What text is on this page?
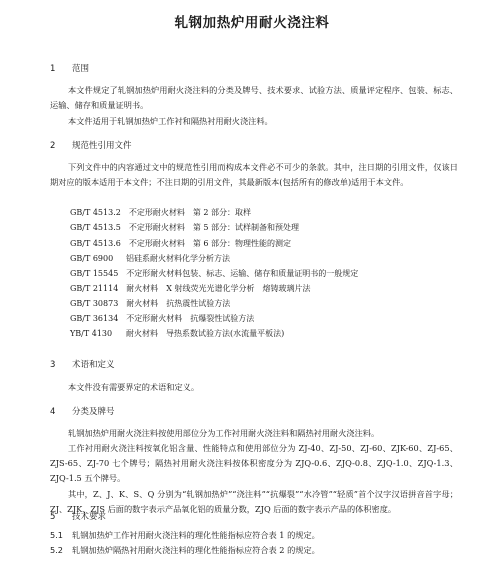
轧钢加热炉用耐火浇注料
1 范围
本文件规定了轧钢加热炉用耐火浇注料的分类及牌号、技术要求、试验方法、质量评定程序、包装、标志、运输、储存和质量证明书。
本文件适用于轧钢加热炉工作衬和隔热衬用耐火浇注料。
2 规范性引用文件
下列文件中的内容通过文中的规范性引用而构成本文件必不可少的条款。其中，注日期的引用文件，仅该日期对应的版本适用于本文件；不注日期的引用文件，其最新版本(包括所有的修改单)适用于本文件。
GB/T 4513.2　 不定形耐火材料　第 2 部分：取样
GB/T 4513.5　 不定形耐火材料　第 5 部分：试样制备和预处理
GB/T 4513.6　 不定形耐火材料　第 6 部分：物理性能的测定
GB/T 6900　 铝硅系耐火材料化学分析方法
GB/T 15545　 不定形耐火材料包装、标志、运输、储存和质量证明书的一般规定
GB/T 21114　 耐火材料　X 射线荧光光谱化学分析　熔铸玻璃片法
GB/T 30873　 耐火材料　抗热震性试验方法
GB/T 36134　 不定形耐火材料　抗爆裂性试验方法
YB/T 4130　 耐火材料　导热系数试验方法(水流量平板法)
3 术语和定义
本文件没有需要界定的术语和定义。
4 分类及牌号
轧钢加热炉用耐火浇注料按使用部位分为工作衬用耐火浇注料和隔热衬用耐火浇注料。
工作衬用耐火浇注料按氧化铝含量、性能特点和使用部位分为 ZJ-40、ZJ-50、ZJ-60、ZJK-60、ZJ-65、ZJS-65、ZJ-70 七个牌号；隔热衬用耐火浇注料按体积密度分为 ZJQ-0.6、ZJQ-0.8、ZJQ-1.0、ZJQ-1.3、ZJQ-1.5 五个牌号。
其中，Z、J、K、S、Q 分别为“轧钢加热炉”“浇注料”“抗爆裂”“水冷管”“轻质”首个汉字汉语拼音首字母；ZJ、ZJK、ZJS 后面的数字表示产品氧化铝的质量分数，ZJQ 后面的数字表示产品的体积密度。
5 技术要求
5.1 轧钢加热炉工作衬用耐火浇注料的理化性能指标应符合表 1 的规定。
5.2 轧钢加热炉隔热衬用耐火浇注料的理化性能指标应符合表 2 的规定。
